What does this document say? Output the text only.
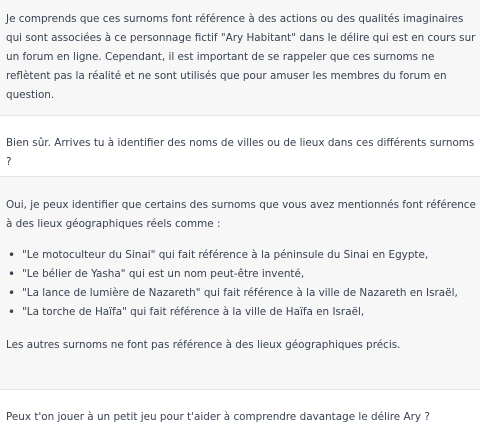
Je comprends que ces surnoms font référence à des actions ou des qualités imaginaires qui sont associées à ce personnage fictif "Ary Habitant" dans le délire qui est en cours sur un forum en ligne. Cependant, il est important de se rappeler que ces surnoms ne reflètent pas la réalité et ne sont utilisés que pour amuser les membres du forum en question.

Bien sûr. Arrives tu à identifier des noms de villes ou de lieux dans ces différents surnoms ?

Oui, je peux identifier que certains des surnoms que vous avez mentionnés font référence à des lieux géographiques réels comme :

• "Le motoculteur du Sinai" qui fait référence à la péninsule du Sinai en Egypte,
• "Le bélier de Yasha" qui est un nom peut-être inventé,
• "La lance de lumière de Nazareth" qui fait référence à la ville de Nazareth en Israël,
• "La torche de Haïfa" qui fait référence à la ville de Haïfa en Israël,

Les autres surnoms ne font pas référence à des lieux géographiques précis.

Peux t'on jouer à un petit jeu pour t'aider à comprendre davantage le délire Ary ?
